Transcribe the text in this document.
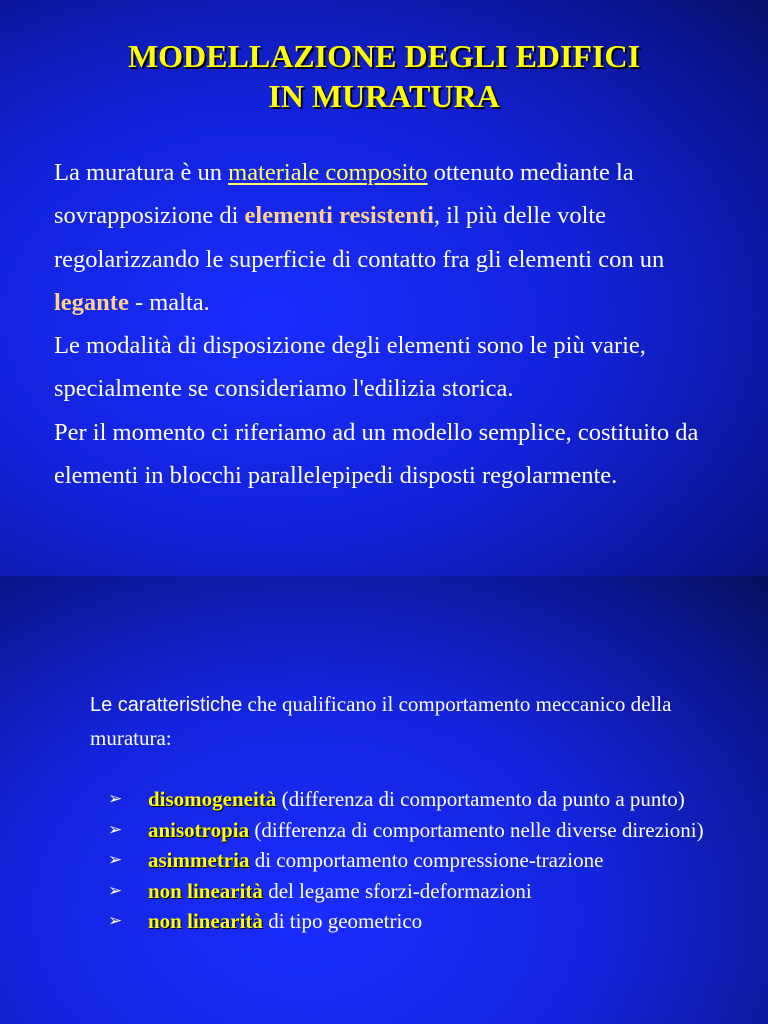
MODELLAZIONE DEGLI EDIFICI
IN MURATURA

La muratura è un materiale composito ottenuto mediante la sovrapposizione di elementi resistenti, il più delle volte regolarizzando le superficie di contatto fra gli elementi con un legante - malta.

Le modalità di disposizione degli elementi sono le più varie, specialmente se consideriamo l'edilizia storica.

Per il momento ci riferiamo ad un modello semplice, costituito da elementi in blocchi parallelepipedi disposti regolarmente.

Le caratteristiche che qualificano il comportamento meccanico della muratura:
➢ disomogeneità (differenza di comportamento da punto a punto)
➢ anisotropia (differenza di comportamento nelle diverse direzioni)
➢ asimmetria di comportamento compressione-trazione
➢ non linearità del legame sforzi-deformazioni
➢ non linearità di tipo geometrico
